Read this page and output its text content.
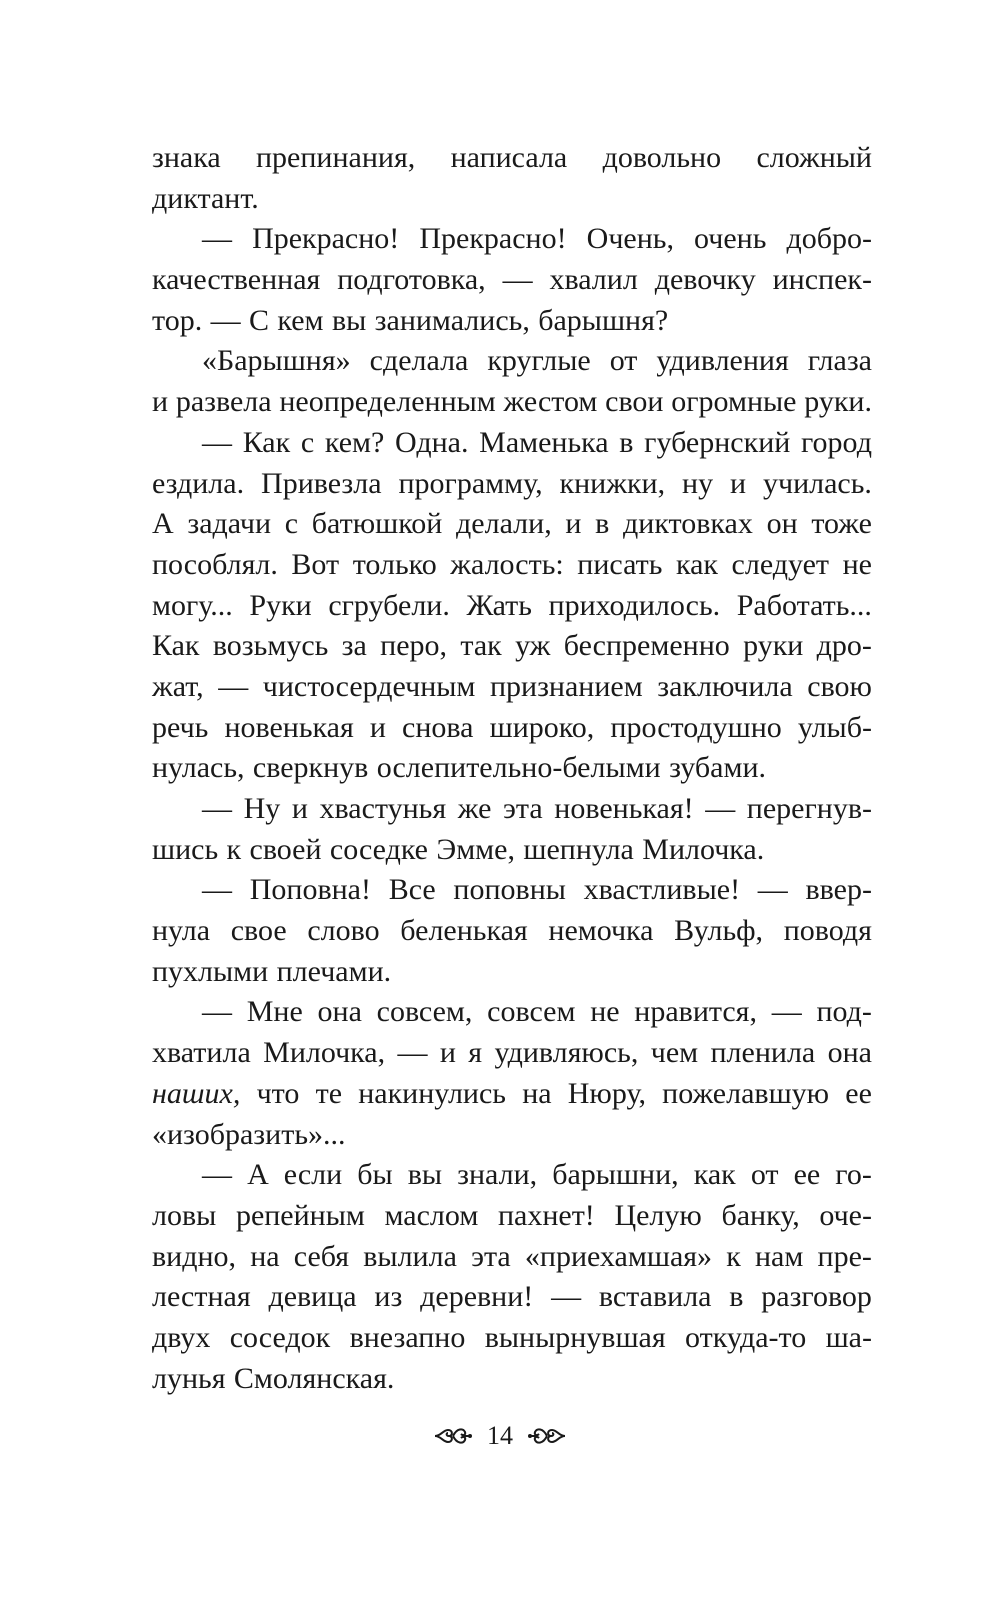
знака препинания, написала довольно сложный
диктант.
— Прекрасно! Прекрасно! Очень, очень добро-
качественная подготовка, — хвалил девочку инспек-
тор. — С кем вы занимались, барышня?
«Барышня» сделала круглые от удивления глаза
и развела неопределенным жестом свои огромные руки.
— Как с кем? Одна. Маменька в губернский город
ездила. Привезла программу, книжки, ну и училась.
А задачи с батюшкой делали, и в диктовках он тоже
пособлял. Вот только жалость: писать как следует не
могу... Руки сгрубели. Жать приходилось. Работать...
Как возьмусь за перо, так уж беспременно руки дро-
жат, — чистосердечным признанием заключила свою
речь новенькая и снова широко, простодушно улыб-
нулась, сверкнув ослепительно-белыми зубами.
— Ну и хвастунья же эта новенькая! — перегнув-
шись к своей соседке Эмме, шепнула Милочка.
— Поповна! Все поповны хвастливые! — ввер-
нула свое слово беленькая немочка Вульф, поводя
пухлыми плечами.
— Мне она совсем, совсем не нравится, — под-
хватила Милочка, — и я удивляюсь, чем пленила она
нaших, что те накинулись на Нюру, пожелавшую ее
«изобразить»...
— А если бы вы знали, барышни, как от ее го-
ловы репейным маслом пахнет! Целую банку, оче-
видно, на себя вылила эта «приехамшая» к нам пре-
лестная девица из деревни! — вставила в разговор
двух соседок внезапно вынырнувшая откуда-то ша-
лунья Смолянская.
14
